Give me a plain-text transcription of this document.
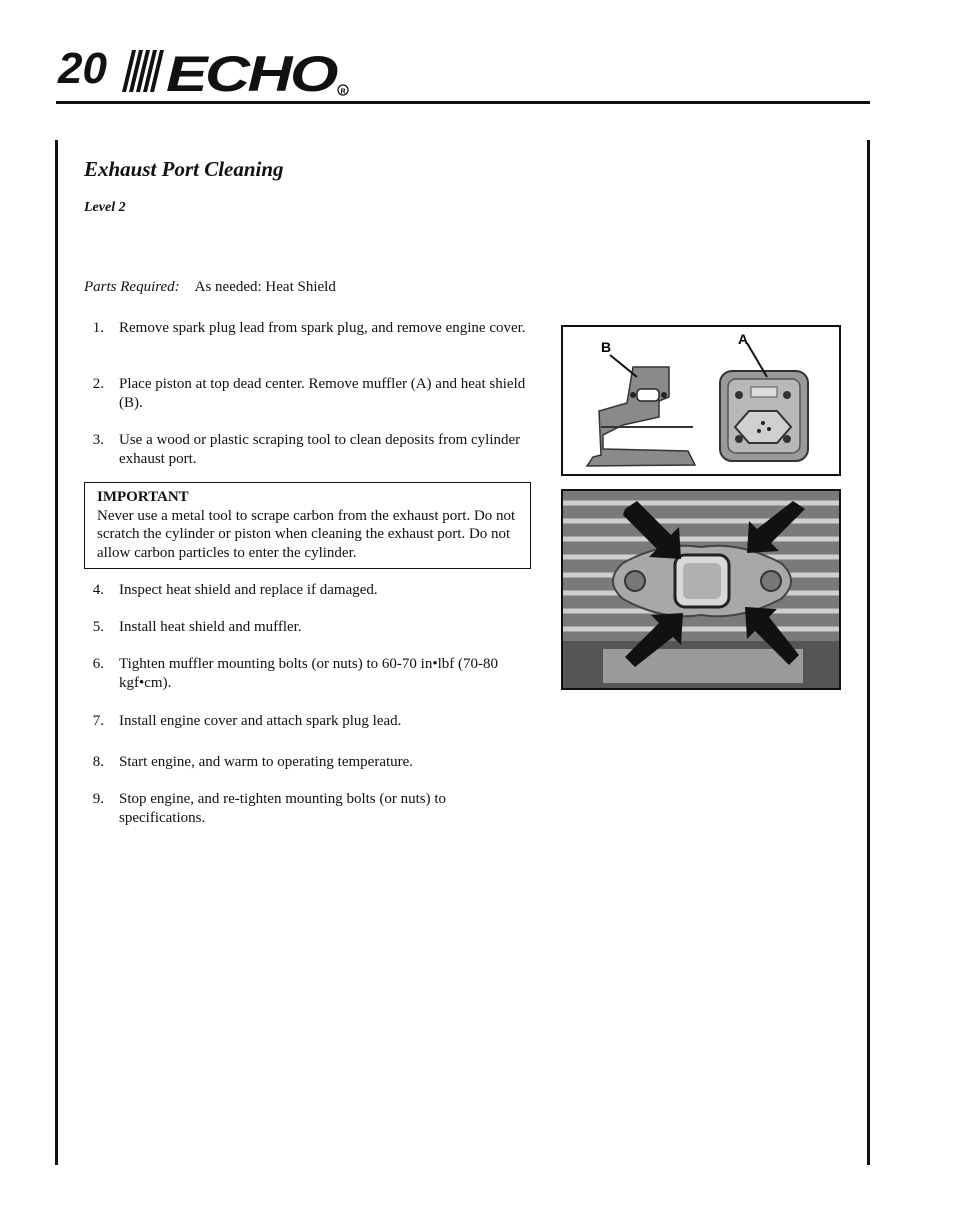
20 ECHO R
Exhaust Port Cleaning
Level 2
Parts Required: As needed: Heat Shield
1. Remove spark plug lead from spark plug, and remove engine cover.
2. Place piston at top dead center. Remove muffler (A) and heat shield (B).
3. Use a wood or plastic scraping tool to clean deposits from cylinder exhaust port.
4. Inspect heat shield and replace if damaged.
5. Install heat shield and muffler.
6. Tighten muffler mounting bolts (or nuts) to 60-70 in•lbf (70-80 kgf•cm).
7. Install engine cover and attach spark plug lead.
8. Start engine, and warm to operating temperature.
9. Stop engine, and re-tighten mounting bolts (or nuts) to specifications.
IMPORTANT
Never use a metal tool to scrape carbon from the exhaust port. Do not scratch the cylinder or piston when cleaning the exhaust port. Do not allow carbon particles to enter the cylinder.
B	A
